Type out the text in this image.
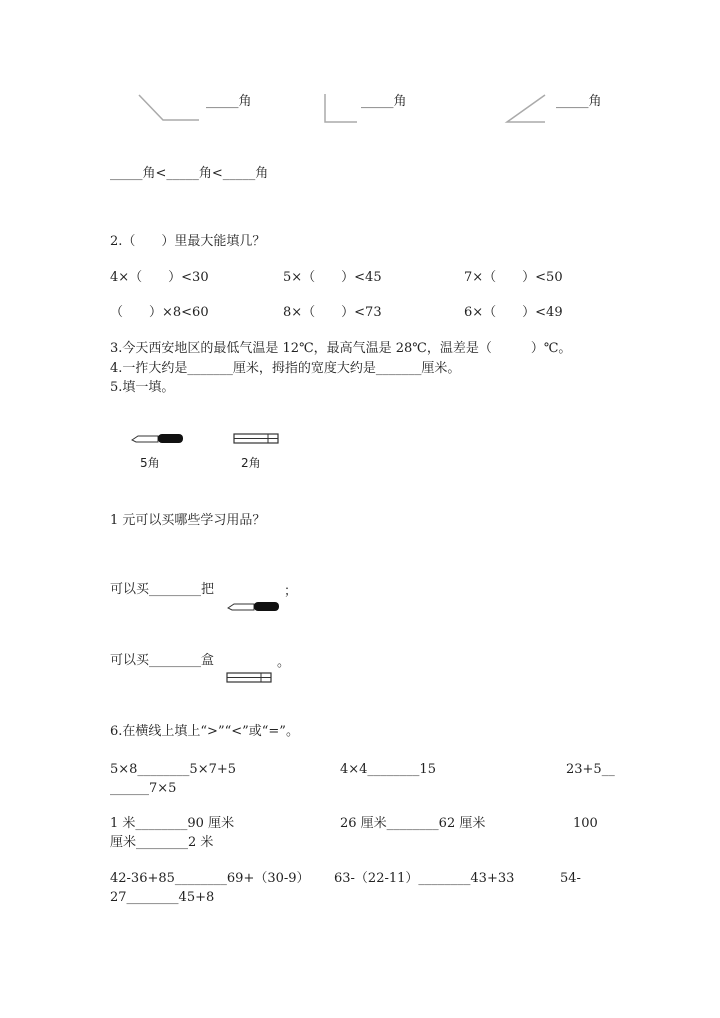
_____角	_____角	_____角
_____角<_____角<_____角
2.（　　）里最大能填几？
4×（　　）<30	5×（　　）<45	7×（　　）<50
（　　）×8<60	8×（　　）<73	6×（　　）<49
3.今天西安地区的最低气温是 12℃，最高气温是 28℃，温差是（　　　）℃。
4.一拃大约是_______厘米，拇指的宽度大约是_______厘米。
5.填一填。
5角	2角
1 元可以买哪些学习用品？
可以买________把	；
可以买________盒	。
6.在横线上填上“>”“<”或“=”。
5×8________5×7+5	4×4________15	23+5__
______7×5
1 米________90 厘米	26 厘米________62 厘米	100
厘米________2 米
42-36+85________69+（30-9） 63-（22-11）________43+33	54-
27________45+8
